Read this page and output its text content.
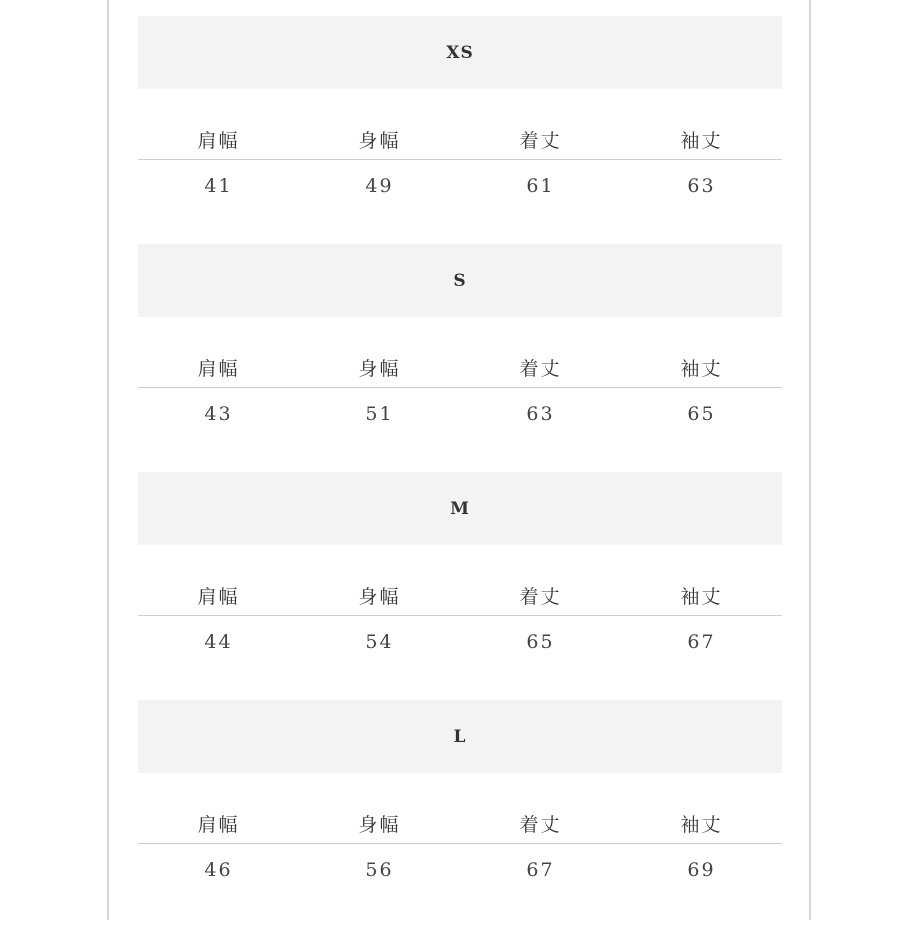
XS
肩幅	身幅	着丈	袖丈
41	49	61	63
S
肩幅	身幅	着丈	袖丈
43	51	63	65
M
肩幅	身幅	着丈	袖丈
44	54	65	67
L
肩幅	身幅	着丈	袖丈
46	56	67	69
